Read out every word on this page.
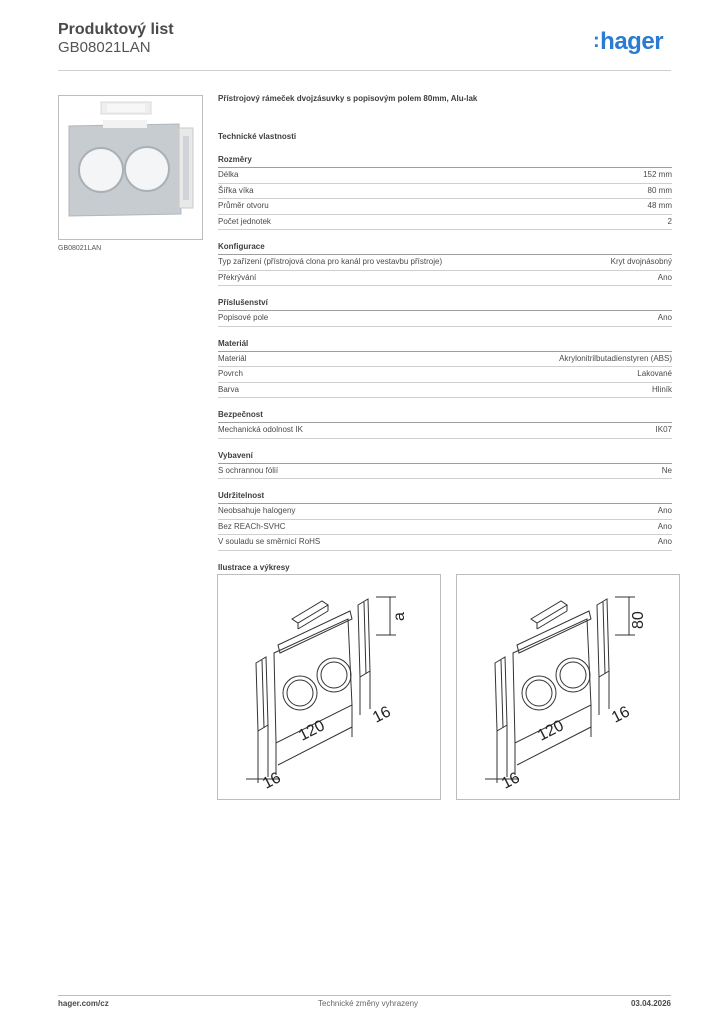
Produktový list
GB08021LAN	:hager
GB08021LAN
Přístrojový rámeček dvojzásuvky s popisovým polem 80mm, Alu-lak
Technické vlastnosti
Rozměry
Délka	152 mm
Šířka víka	80 mm
Průměr otvoru	48 mm
Počet jednotek	2
Konfigurace
Typ zařízení (přístrojová clona pro kanál pro vestavbu přístroje)	Kryt dvojnásobný
Překrývání	Ano
Příslušenství
Popisové pole	Ano
Materiál
Materiál	Akrylonitrilbutadienstyren (ABS)
Povrch	Lakované
Barva	Hliník
Bezpečnost
Mechanická odolnost IK	IK07
Vybavení
S ochrannou fólií	Ne
Udržitelnost
Neobsahuje halogeny	Ano
Bez REACh-SVHC	Ano
V souladu se směrnicí RoHS	Ano
Ilustrace a výkresy
a
120
16
16
80
120
16
16
hager.com/cz	Technické změny vyhrazeny	03.04.2026
